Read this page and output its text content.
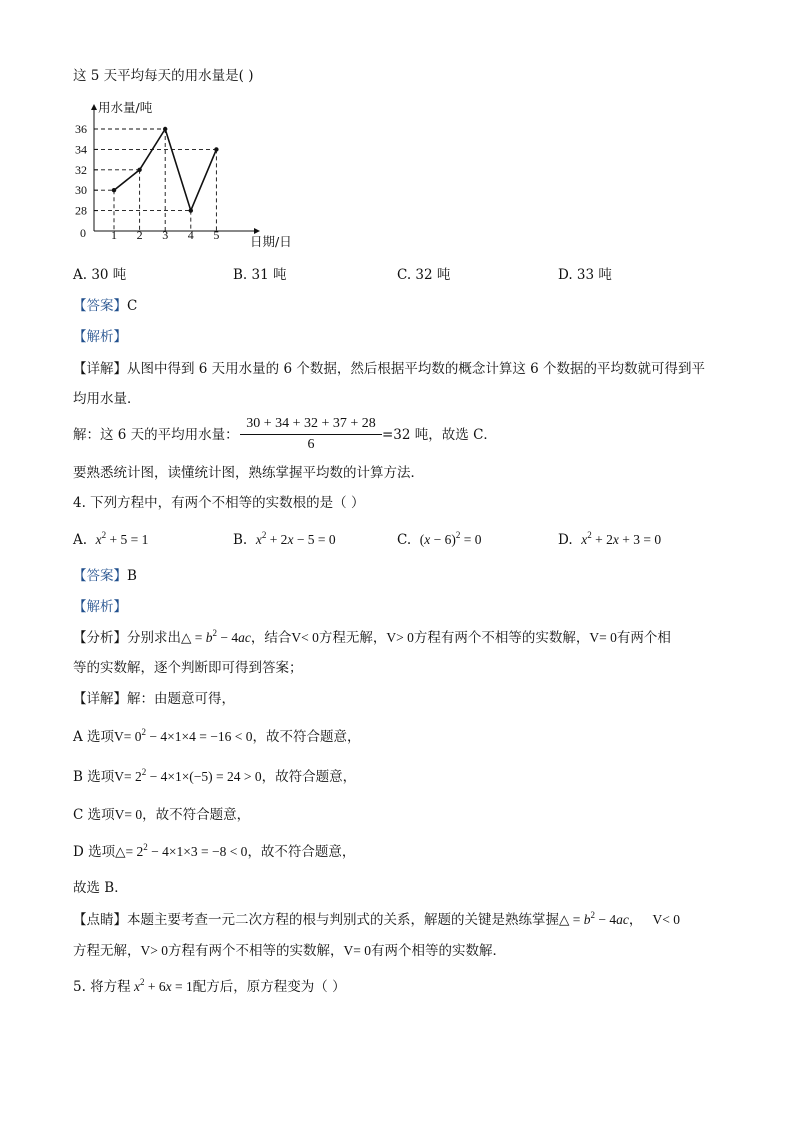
这 5 天平均每天的用水量是( )
用水量/吨
日期/日
0
36
34
32
30
28
1 2 3 4 5
A. 30 吨	B. 31 吨	C. 32 吨	D. 33 吨
【答案】C
【解析】
【详解】从图中得到 6 天用水量的 6 个数据，然后根据平均数的概念计算这 6 个数据的平均数就可得到平
均用水量．
解：这 6 天的平均用水量： $\frac{30 + 34 + 32 + 37 + 28}{6} =32$ 吨，故选 C．
要熟悉统计图，读懂统计图，熟练掌握平均数的计算方法．
4. 下列方程中，有两个不相等的实数根的是（ ）
A. $x^2 + 5 = 1$	B. $x^2 + 2x - 5 = 0$	C. $(x - 6)^2 = 0$	D. $x^2 + 2x + 3 = 0$
【答案】B
【解析】
【分析】分别求出△ = $b^2 - 4ac$，结合V< 0方程无解，V> 0方程有两个不相等的实数解，V= 0有两个相
等的实数解，逐个判断即可得到答案；
【详解】解：由题意可得，
A 选项$V= 0^2 - 4\times 1\times 4 = -16 < 0$，故不符合题意，
B 选项$V= 2^2 - 4\times 1\times(-5) = 24 > 0$，故符合题意，
C 选项V= 0，故不符合题意，
D 选项△= $2^2 - 4\times 1\times 3 = -8 < 0$，故不符合题意，
故选 B．
【点睛】本题主要考查一元二次方程的根与判别式的关系，解题的关键是熟练掌握△ = $b^2 - 4ac$，   V< 0
方程无解，V> 0方程有两个不相等的实数解，V= 0有两个相等的实数解．
5. 将方程 $x^2 + 6x = 1$配方后，原方程变为（ ）
